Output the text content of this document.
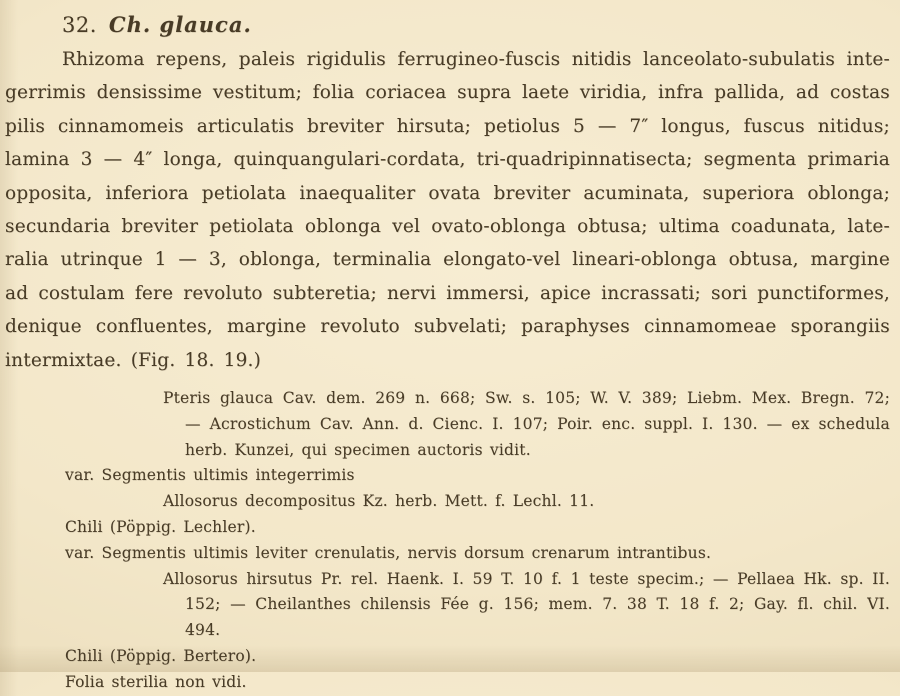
32. Ch. glauca.
Rhizoma repens, paleis rigidulis ferrugineo-fuscis nitidis lanceolato-subulatis inte-
gerrimis densissime vestitum; folia coriacea supra laete viridia, infra pallida, ad costas
pilis cinnamomeis articulatis breviter hirsuta; petiolus 5 — 7″ longus, fuscus nitidus;
lamina 3 — 4″ longa, quinquangulari-cordata, tri-quadripinnatisecta; segmenta primaria
opposita, inferiora petiolata inaequaliter ovata breviter acuminata, superiora oblonga;
secundaria breviter petiolata oblonga vel ovato-oblonga obtusa; ultima coadunata, late-
ralia utrinque 1 — 3, oblonga, terminalia elongato-vel lineari-oblonga obtusa, margine
ad costulam fere revoluto subteretia; nervi immersi, apice incrassati; sori punctiformes,
denique confluentes, margine revoluto subvelati; paraphyses cinnamomeae sporangiis
intermixtae. (Fig. 18. 19.)
Pteris glauca Cav. dem. 269 n. 668; Sw. s. 105; W. V. 389; Liebm. Mex. Bregn. 72;
— Acrostichum Cav. Ann. d. Cienc. I. 107; Poir. enc. suppl. I. 130. — ex schedula
herb. Kunzei, qui specimen auctoris vidit.
var. Segmentis ultimis integerrimis
Allosorus decompositus Kz. herb. Mett. f. Lechl. 11.
Chili (Pöppig. Lechler).
var. Segmentis ultimis leviter crenulatis, nervis dorsum crenarum intrantibus.
Allosorus hirsutus Pr. rel. Haenk. I. 59 T. 10 f. 1 teste specim.; — Pellaea Hk. sp. II.
152; — Cheilanthes chilensis Fée g. 156; mem. 7. 38 T. 18 f. 2; Gay. fl. chil. VI. 494.
Chili (Pöppig. Bertero).
Folia sterilia non vidi.
